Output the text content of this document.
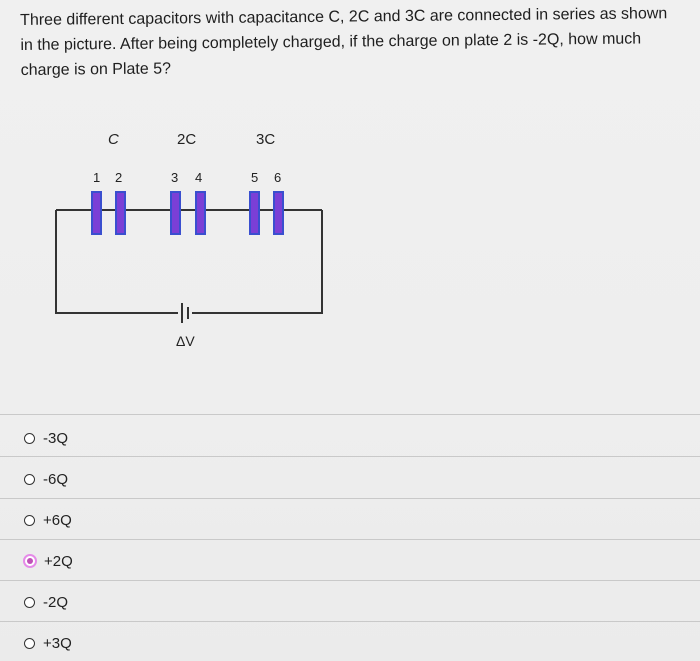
Three different capacitors with capacitance C, 2C and 3C are connected in series as shown
in the picture. After being completely charged, if the charge on plate 2 is -2Q, how much
charge is on Plate 5?
C	2C	3C
1 2	3 4	5 6
ΔV
-3Q
-6Q
+6Q
+2Q
-2Q
+3Q
